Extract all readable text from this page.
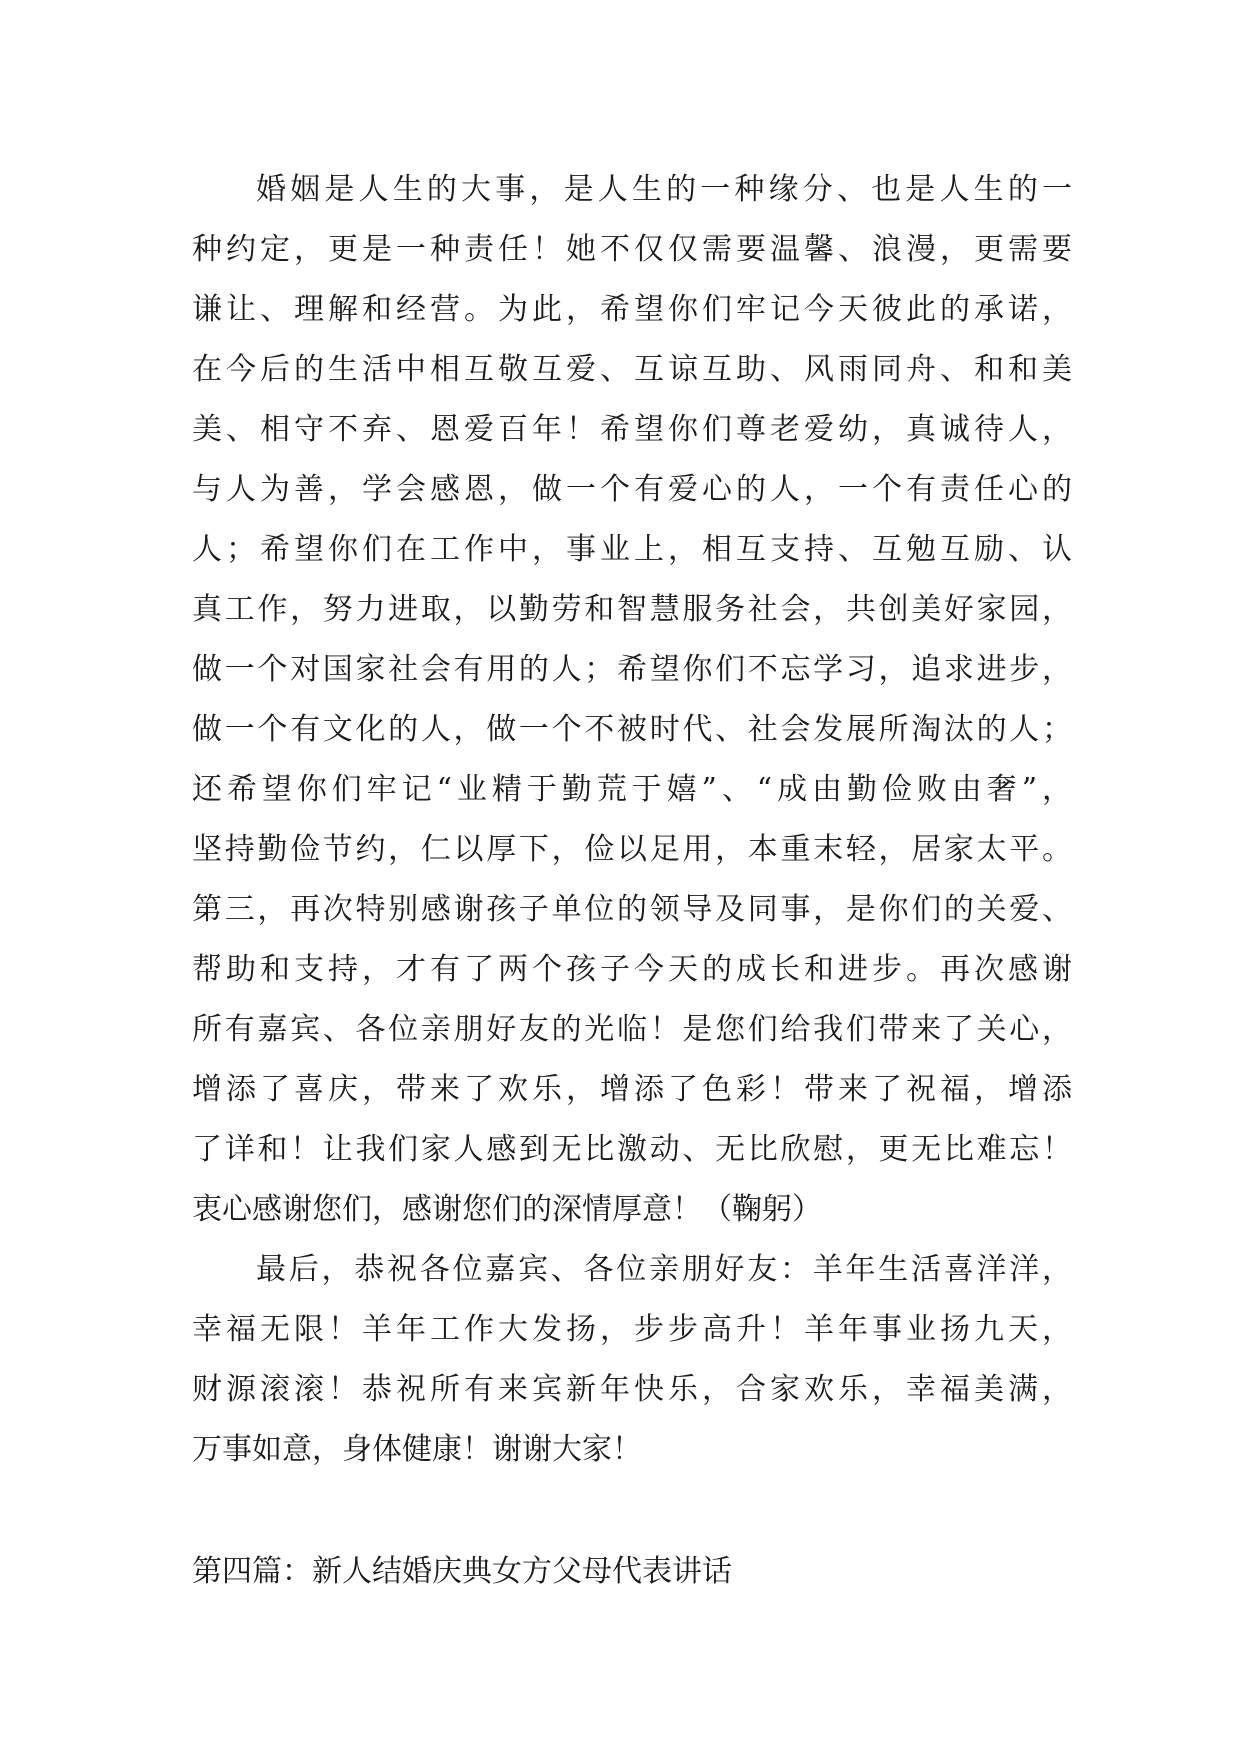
婚姻是人生的大事，是人生的一种缘分、也是人生的一
种约定，更是一种责任！她不仅仅需要温馨、浪漫，更需要
谦让、理解和经营。为此，希望你们牢记今天彼此的承诺，
在今后的生活中相互敬互爱、互谅互助、风雨同舟、和和美
美、相守不弃、恩爱百年！希望你们尊老爱幼，真诚待人，
与人为善，学会感恩，做一个有爱心的人，一个有责任心的
人；希望你们在工作中，事业上，相互支持、互勉互励、认
真工作，努力进取，以勤劳和智慧服务社会，共创美好家园，
做一个对国家社会有用的人；希望你们不忘学习，追求进步，
做一个有文化的人，做一个不被时代、社会发展所淘汰的人；
还希望你们牢记“业精于勤荒于嬉”、“成由勤俭败由奢”，
坚持勤俭节约，仁以厚下，俭以足用，本重末轻，居家太平。
第三，再次特别感谢孩子单位的领导及同事，是你们的关爱、
帮助和支持，才有了两个孩子今天的成长和进步。再次感谢
所有嘉宾、各位亲朋好友的光临！是您们给我们带来了关心，
增添了喜庆，带来了欢乐，增添了色彩！带来了祝福，增添
了详和！让我们家人感到无比激动、无比欣慰，更无比难忘！
衷心感谢您们，感谢您们的深情厚意！（鞠躬）
最后，恭祝各位嘉宾、各位亲朋好友：羊年生活喜洋洋，
幸福无限！羊年工作大发扬，步步高升！羊年事业扬九天，
财源滚滚！恭祝所有来宾新年快乐，合家欢乐，幸福美满，
万事如意，身体健康！谢谢大家！
第四篇：新人结婚庆典女方父母代表讲话
